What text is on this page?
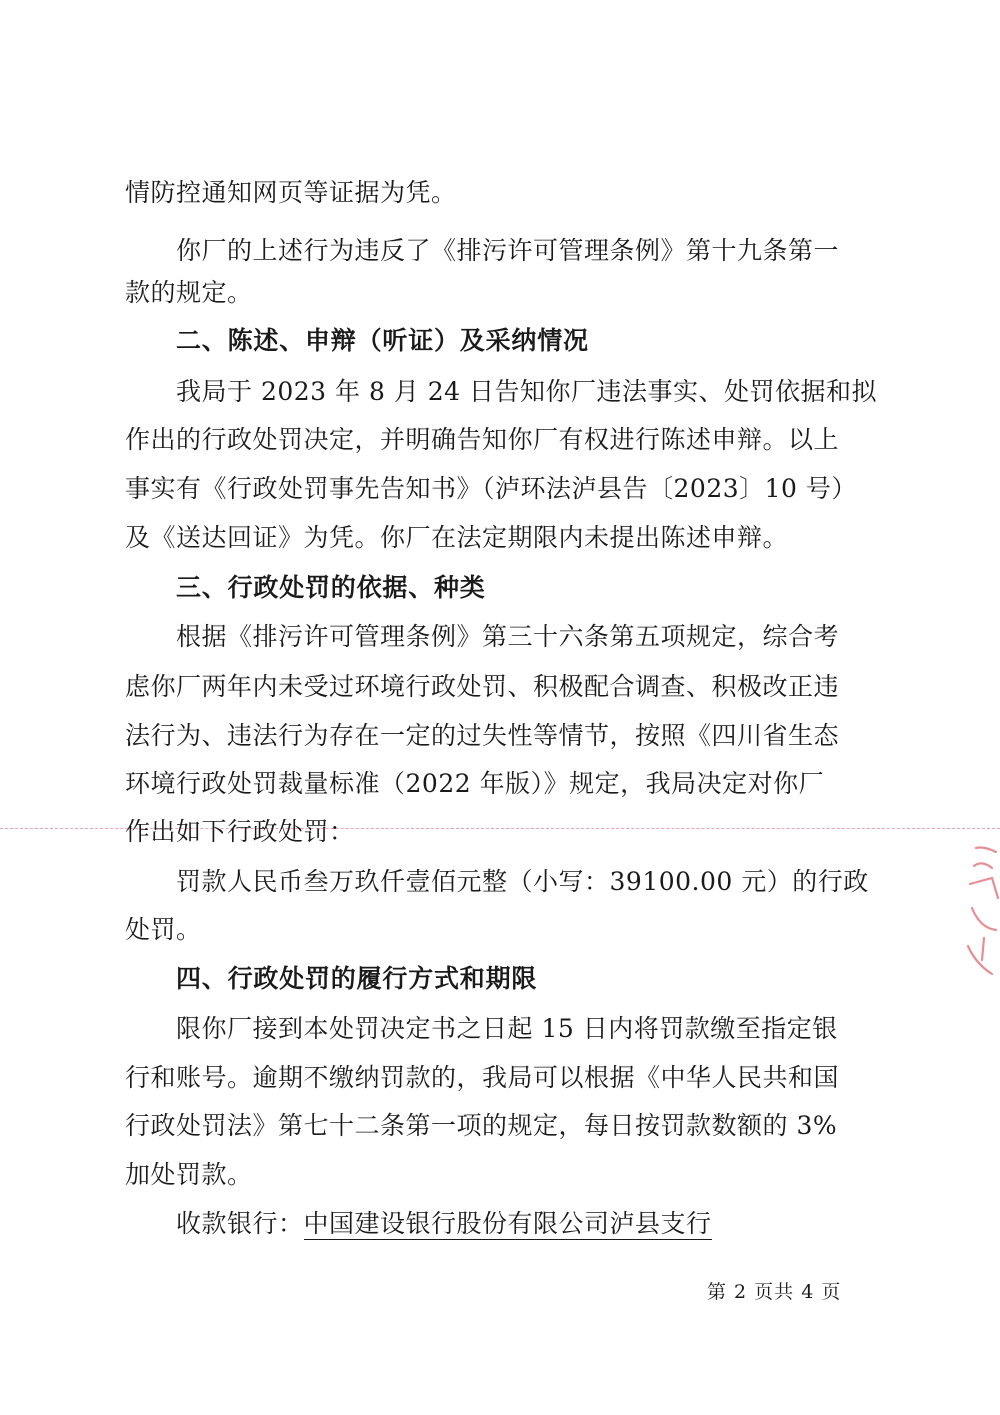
情防控通知网页等证据为凭。
你厂的上述行为违反了《排污许可管理条例》第十九条第一
款的规定。
二、陈述、申辩（听证）及采纳情况
我局于 2023 年 8 月 24 日告知你厂违法事实、处罚依据和拟
作出的行政处罚决定，并明确告知你厂有权进行陈述申辩。以上
事实有《行政处罚事先告知书》（泸环法泸县告〔2023〕10 号）
及《送达回证》为凭。你厂在法定期限内未提出陈述申辩。
三、行政处罚的依据、种类
根据《排污许可管理条例》第三十六条第五项规定，综合考
虑你厂两年内未受过环境行政处罚、积极配合调查、积极改正违
法行为、违法行为存在一定的过失性等情节，按照《四川省生态
环境行政处罚裁量标准（2022 年版）》规定，我局决定对你厂
作出如下行政处罚：
罚款人民币叁万玖仟壹佰元整（小写：39100.00 元）的行政
处罚。
四、行政处罚的履行方式和期限
限你厂接到本处罚决定书之日起 15 日内将罚款缴至指定银
行和账号。逾期不缴纳罚款的，我局可以根据《中华人民共和国
行政处罚法》第七十二条第一项的规定，每日按罚款数额的 3%
加处罚款。
收款银行：中国建设银行股份有限公司泸县支行
第 2 页共 4 页
